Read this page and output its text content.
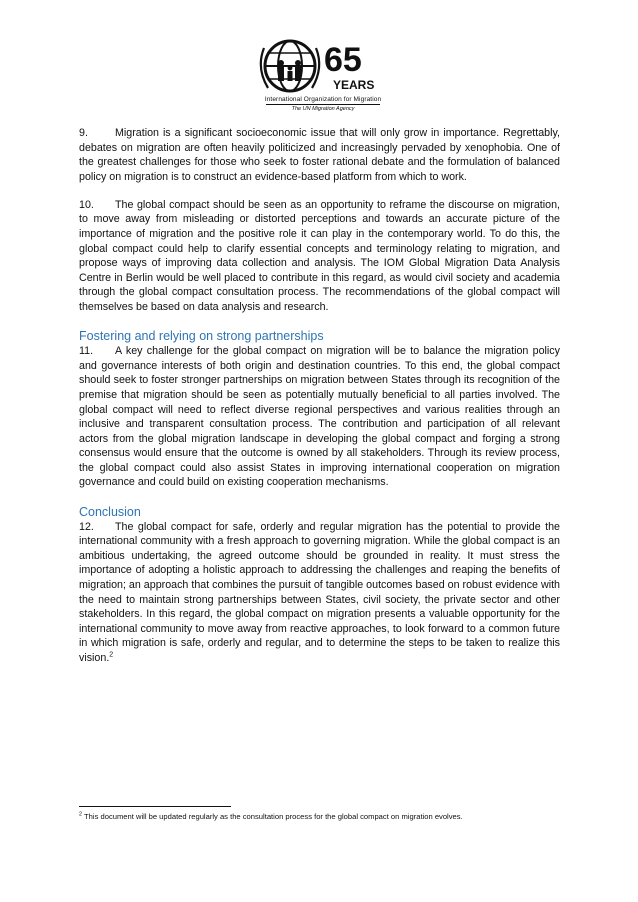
65
YEARS
International Organization for Migration
The UN Migration Agency

9.	Migration is a significant socioeconomic issue that will only grow in importance. Regrettably, debates on migration are often heavily politicized and increasingly pervaded by xenophobia. One of the greatest challenges for those who seek to foster rational debate and the formulation of balanced policy on migration is to construct an evidence-based platform from which to work.

10. The global compact should be seen as an opportunity to reframe the discourse on migration, to move away from misleading or distorted perceptions and towards an accurate picture of the importance of migration and the positive role it can play in the contemporary world. To do this, the global compact could help to clarify essential concepts and terminology relating to migration, and propose ways of improving data collection and analysis. The IOM Global Migration Data Analysis Centre in Berlin would be well placed to contribute in this regard, as would civil society and academia through the global compact consultation process. The recommendations of the global compact will themselves be based on data analysis and research.

Fostering and relying on strong partnerships

11. A key challenge for the global compact on migration will be to balance the migration policy and governance interests of both origin and destination countries. To this end, the global compact should seek to foster stronger partnerships on migration between States through its recognition of the premise that migration should be seen as potentially mutually beneficial to all parties involved. The global compact will need to reflect diverse regional perspectives and various realities through an inclusive and transparent consultation process. The contribution and participation of all relevant actors from the global migration landscape in developing the global compact and forging a strong consensus would ensure that the outcome is owned by all stakeholders. Through its review process, the global compact could also assist States in improving international cooperation on migration governance and could build on existing cooperation mechanisms.

Conclusion

12. The global compact for safe, orderly and regular migration has the potential to provide the international community with a fresh approach to governing migration. While the global compact is an ambitious undertaking, the agreed outcome should be grounded in reality. It must stress the importance of adopting a holistic approach to addressing the challenges and reaping the benefits of migration; an approach that combines the pursuit of tangible outcomes based on robust evidence with the need to maintain strong partnerships between States, civil society, the private sector and other stakeholders. In this regard, the global compact on migration presents a valuable opportunity for the international community to move away from reactive approaches, to look forward to a common future in which migration is safe, orderly and regular, and to determine the steps to be taken to realize this vision.$^2$

$^2$ This document will be updated regularly as the consultation process for the global compact on migration evolves.
